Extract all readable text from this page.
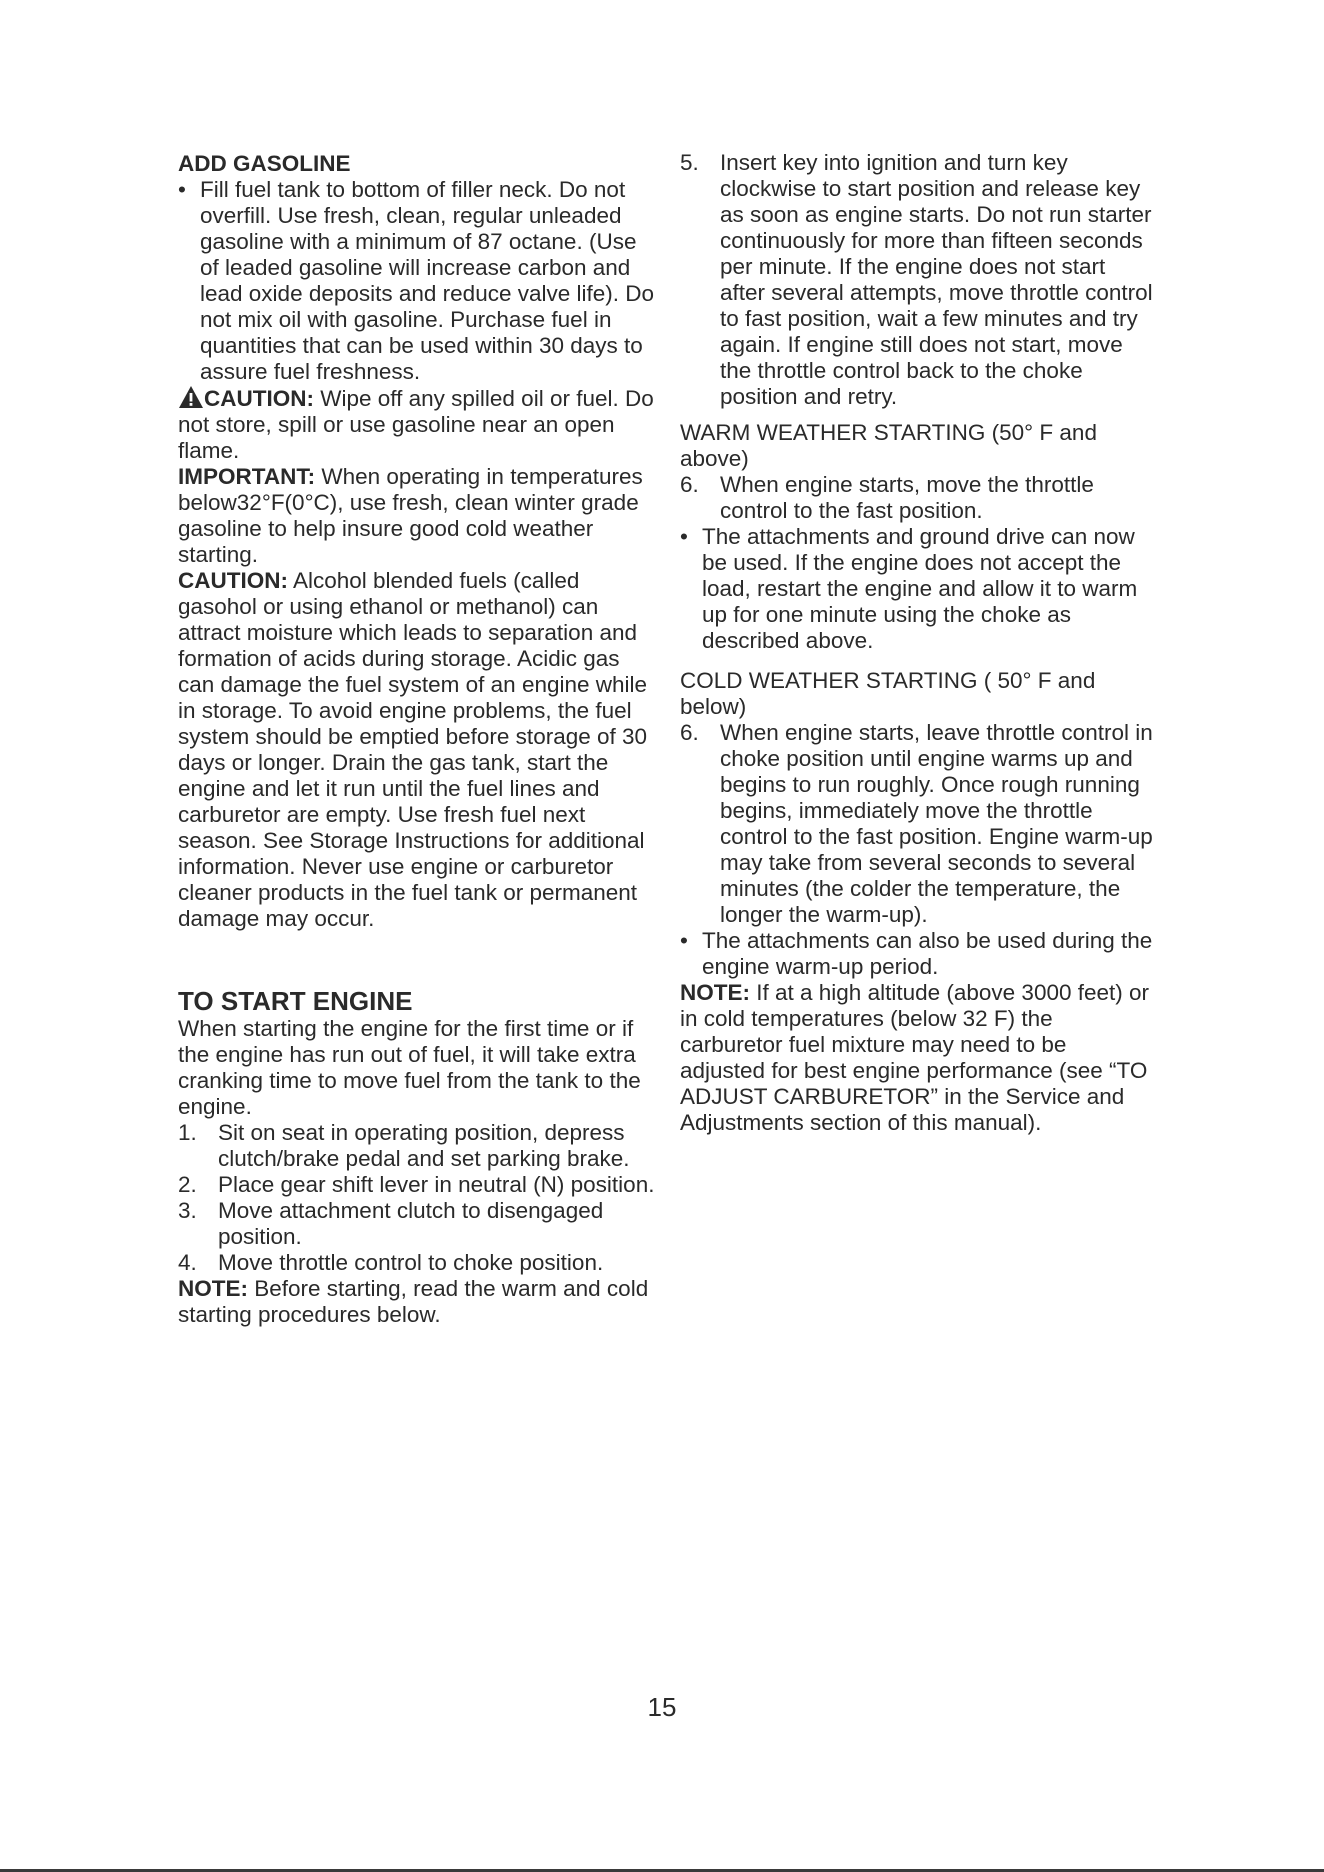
ADD GASOLINE
• Fill fuel tank to bottom of filler neck. Do not overfill. Use fresh, clean, regular unleaded gasoline with a minimum of 87 octane. (Use of leaded gasoline will increase carbon and lead oxide deposits and reduce valve life). Do not mix oil with gasoline. Purchase fuel in quantities that can be used within 30 days to assure fuel freshness.

CAUTION: Wipe off any spilled oil or fuel. Do not store, spill or use gasoline near an open flame.

IMPORTANT: When operating in temperatures below32°F(0°C), use fresh, clean winter grade gasoline to help insure good cold weather starting.

CAUTION: Alcohol blended fuels (called gasohol or using ethanol or methanol) can attract moisture which leads to separation and formation of acids during storage. Acidic gas can damage the fuel system of an engine while in storage. To avoid engine problems, the fuel system should be emptied before storage of 30 days or longer. Drain the gas tank, start the engine and let it run until the fuel lines and carburetor are empty. Use fresh fuel next season. See Storage Instructions for additional information. Never use engine or carburetor cleaner products in the fuel tank or permanent damage may occur.

TO START ENGINE

When starting the engine for the first time or if the engine has run out of fuel, it will take extra cranking time to move fuel from the tank to the engine.

1. Sit on seat in operating position, depress clutch/brake pedal and set parking brake.
2. Place gear shift lever in neutral (N) position.
3. Move attachment clutch to disengaged position.
4. Move throttle control to choke position.

NOTE: Before starting, read the warm and cold starting procedures below.

5. Insert key into ignition and turn key clockwise to start position and release key as soon as engine starts. Do not run starter continuously for more than fifteen seconds per minute. If the engine does not start after several attempts, move throttle control to fast position, wait a few minutes and try again. If engine still does not start, move the throttle control back to the choke position and retry.

WARM WEATHER STARTING (50° F and above)

6. When engine starts, move the throttle control to the fast position.
• The attachments and ground drive can now be used. If the engine does not accept the load, restart the engine and allow it to warm up for one minute using the choke as described above.

COLD WEATHER STARTING ( 50° F and below)

6. When engine starts, leave throttle control in choke position until engine warms up and begins to run roughly. Once rough running begins, immediately move the throttle control to the fast position. Engine warm-up may take from several seconds to several minutes (the colder the temperature, the longer the warm-up).
• The attachments can also be used during the engine warm-up period.

NOTE: If at a high altitude (above 3000 feet) or in cold temperatures (below 32 F) the carburetor fuel mixture may need to be adjusted for best engine performance (see “TO ADJUST CARBURETOR” in the Service and Adjustments section of this manual).

15
